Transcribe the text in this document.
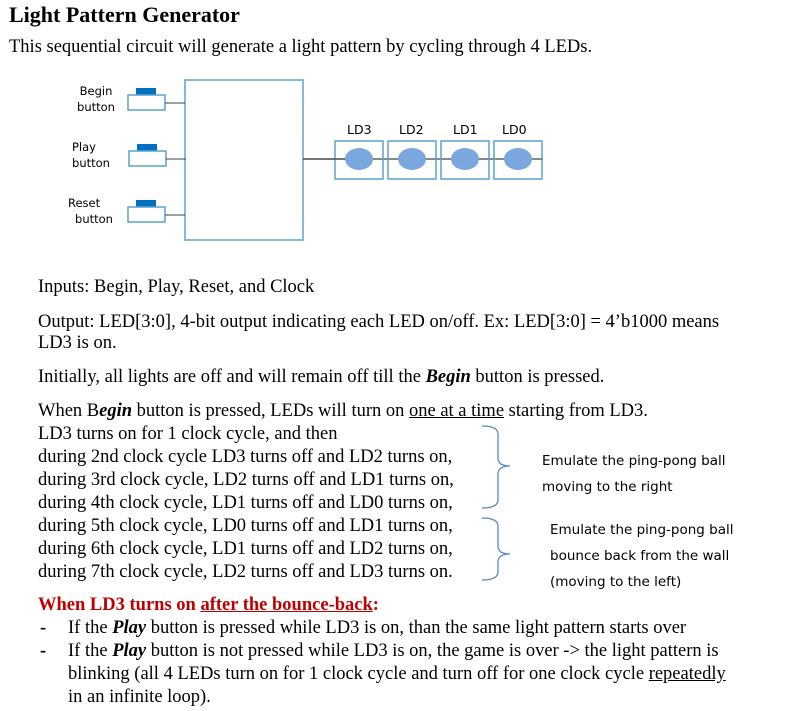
Light Pattern Generator
This sequential circuit will generate a light pattern by cycling through 4 LEDs.
Begin
button
Play
button
Reset
button
LD3 LD2 LD1 LD0
Inputs: Begin, Play, Reset, and Clock
Output: LED[3:0], 4-bit output indicating each LED on/off. Ex: LED[3:0] = 4’b1000 means
LD3 is on.
Initially, all lights are off and will remain off till the Begin button is pressed.
When Begin button is pressed, LEDs will turn on one at a time starting from LD3.
LD3 turns on for 1 clock cycle, and then
during 2nd clock cycle LD3 turns off and LD2 turns on,
during 3rd clock cycle, LD2 turns off and LD1 turns on,
during 4th clock cycle, LD1 turns off and LD0 turns on,
during 5th clock cycle, LD0 turns off and LD1 turns on,
during 6th clock cycle, LD1 turns off and LD2 turns on,
during 7th clock cycle, LD2 turns off and LD3 turns on.
Emulate the ping-pong ball
moving to the right
Emulate the ping-pong ball
bounce back from the wall
(moving to the left)
When LD3 turns on after the bounce-back:
- If the Play button is pressed while LD3 is on, than the same light pattern starts over
- If the Play button is not pressed while LD3 is on, the game is over -> the light pattern is
blinking (all 4 LEDs turn on for 1 clock cycle and turn off for one clock cycle repeatedly
in an infinite loop).
